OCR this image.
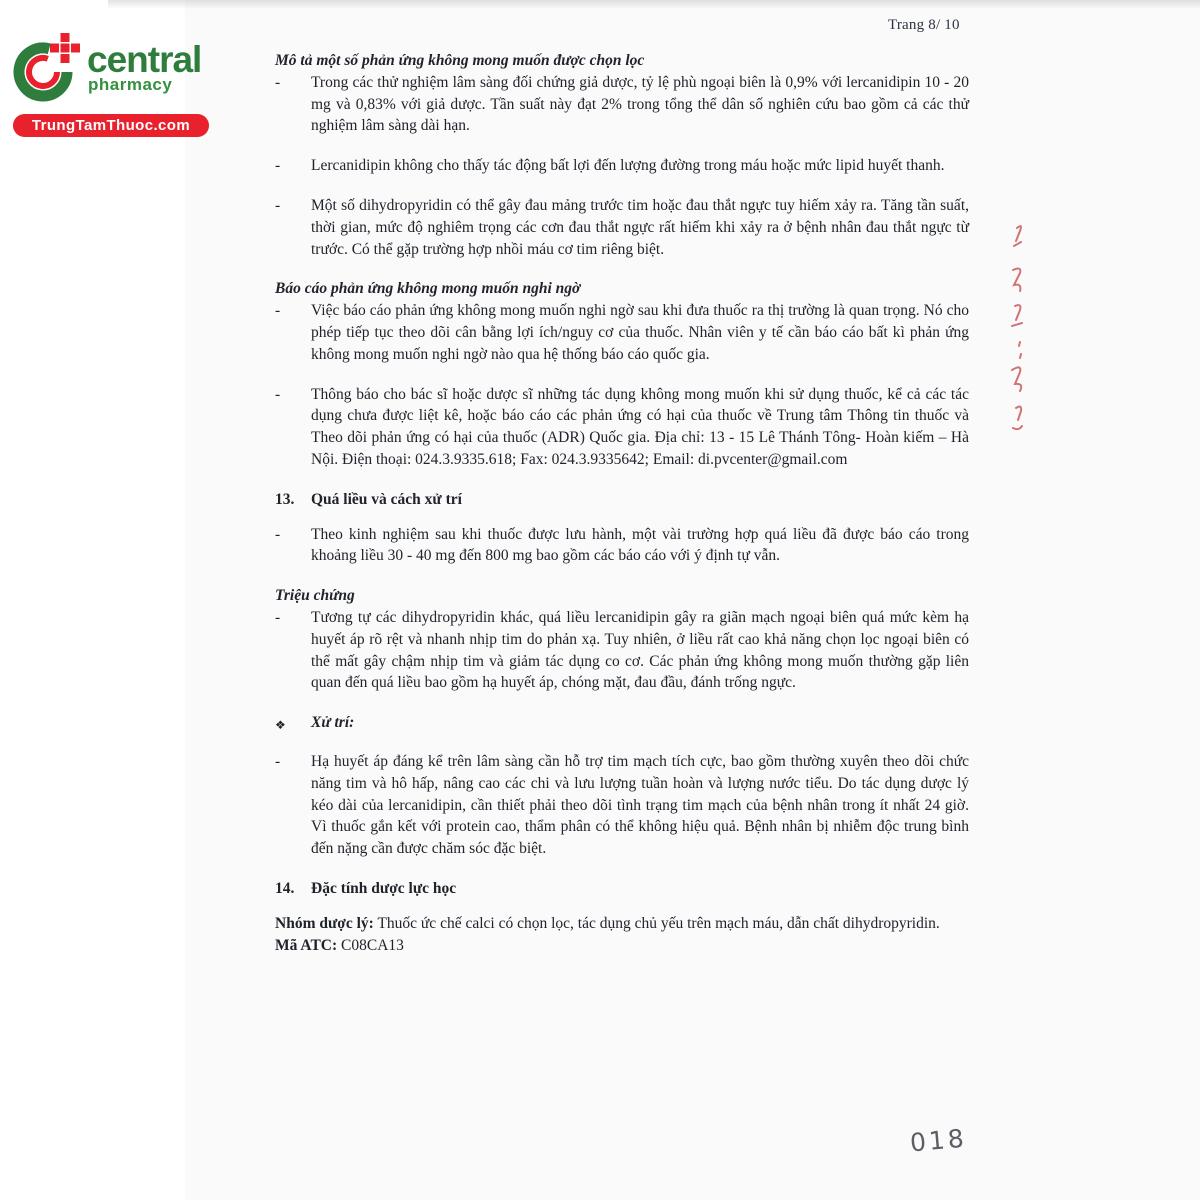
Trang 8/ 10
central
pharmacy
TrungTamThuoc.com

Mô tả một số phản ứng không mong muốn được chọn lọc

-	Trong các thử nghiệm lâm sàng đối chứng giả dược, tỷ lệ phù ngoại biên là 0,9% với lercanidipin 10 - 20 mg và 0,83% với giả dược. Tần suất này đạt 2% trong tổng thể dân số nghiên cứu bao gồm cả các thử nghiệm lâm sàng dài hạn.

-	Lercanidipin không cho thấy tác động bất lợi đến lượng đường trong máu hoặc mức lipid huyết thanh.

-	Một số dihydropyridin có thể gây đau mảng trước tim hoặc đau thắt ngực tuy hiếm xảy ra. Tăng tần suất, thời gian, mức độ nghiêm trọng các cơn đau thắt ngực rất hiếm khi xảy ra ở bệnh nhân đau thắt ngực từ trước. Có thể gặp trường hợp nhồi máu cơ tim riêng biệt.

Báo cáo phản ứng không mong muốn nghi ngờ

-	Việc báo cáo phản ứng không mong muốn nghi ngờ sau khi đưa thuốc ra thị trường là quan trọng. Nó cho phép tiếp tục theo dõi cân bằng lợi ích/nguy cơ của thuốc. Nhân viên y tế cần báo cáo bất kì phản ứng không mong muốn nghi ngờ nào qua hệ thống báo cáo quốc gia.

-	Thông báo cho bác sĩ hoặc dược sĩ những tác dụng không mong muốn khi sử dụng thuốc, kể cả các tác dụng chưa được liệt kê, hoặc báo cáo các phản ứng có hại của thuốc về Trung tâm Thông tin thuốc và Theo dõi phản ứng có hại của thuốc (ADR) Quốc gia. Địa chỉ: 13 - 15 Lê Thánh Tông- Hoàn kiếm – Hà Nội. Điện thoại: 024.3.9335.618; Fax: 024.3.9335642; Email: di.pvcenter@gmail.com

13.	Quá liều và cách xử trí
-	Theo kinh nghiệm sau khi thuốc được lưu hành, một vài trường hợp quá liều đã được báo cáo trong khoảng liều 30 - 40 mg đến 800 mg bao gồm các báo cáo với ý định tự vẫn.

Triệu chứng

-	Tương tự các dihydropyridin khác, quá liều lercanidipin gây ra giãn mạch ngoại biên quá mức kèm hạ huyết áp rõ rệt và nhanh nhịp tim do phản xạ. Tuy nhiên, ở liều rất cao khả năng chọn lọc ngoại biên có thể mất gây chậm nhịp tim và giảm tác dụng co cơ. Các phản ứng không mong muốn thường gặp liên quan đến quá liều bao gồm hạ huyết áp, chóng mặt, đau đầu, đánh trống ngực.

❖	Xử trí:

-	Hạ huyết áp đáng kể trên lâm sàng cần hỗ trợ tim mạch tích cực, bao gồm thường xuyên theo dõi chức năng tim và hô hấp, nâng cao các chi và lưu lượng tuần hoàn và lượng nước tiểu. Do tác dụng dược lý kéo dài của lercanidipin, cần thiết phải theo dõi tình trạng tim mạch của bệnh nhân trong ít nhất 24 giờ. Vì thuốc gắn kết với protein cao, thẩm phân có thể không hiệu quả. Bệnh nhân bị nhiễm độc trung bình đến nặng cần được chăm sóc đặc biệt.

14.	Đặc tính dược lực học

Nhóm dược lý: Thuốc ức chế calci có chọn lọc, tác dụng chủ yếu trên mạch máu, dẫn chất dihydropyridin.

Mã ATC: C08CA13

018
